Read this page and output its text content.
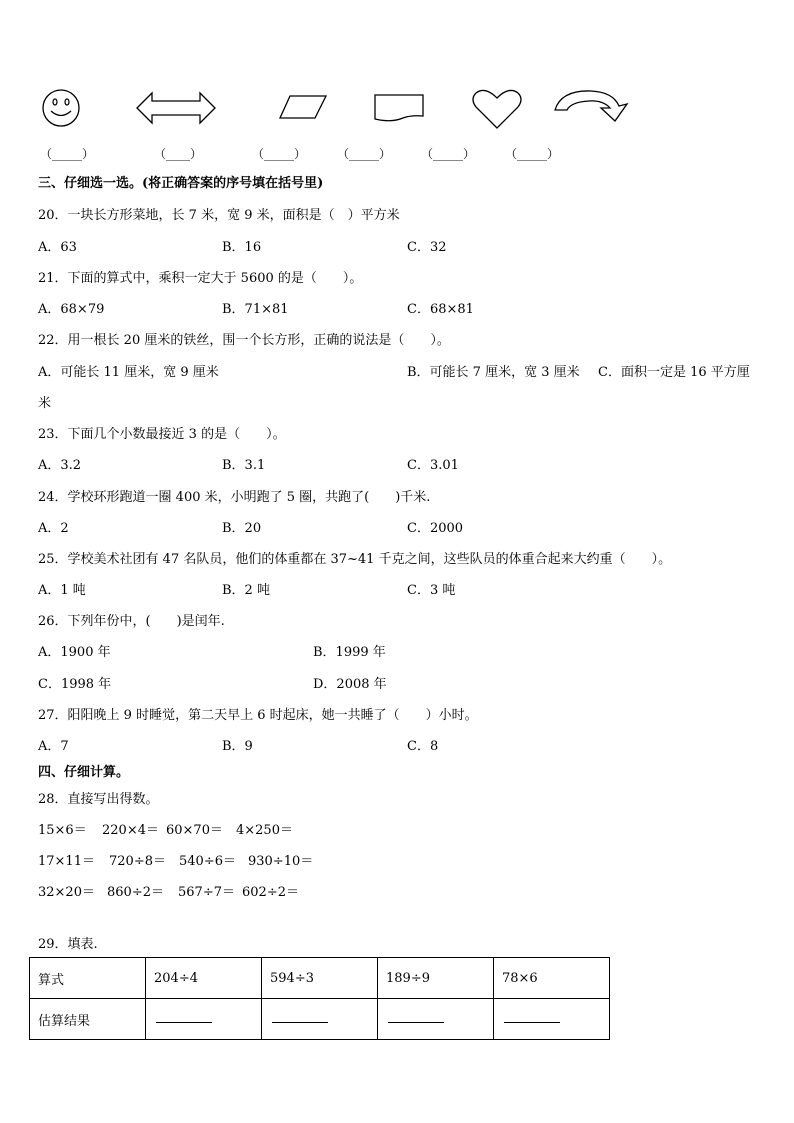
（_____）	（____）	（_____）	（_____） （_____） （_____）
三、仔细选一选。(将正确答案的序号填在括号里)
20．一块长方形菜地，长 7 米，宽 9 米，面积是（　）平方米
A．63	B．16	C．32
21．下面的算式中，乘积一定大于 5600 的是（　　）。
A．68×79	B．71×81	C．68×81
22．用一根长 20 厘米的铁丝，围一个长方形，正确的说法是（　　）。
A．可能长 11 厘米，宽 9 厘米	B．可能长 7 厘米，宽 3 厘米 C．面积一定是 16 平方厘
米
23．下面几个小数最接近 3 的是（　　）。
A．3.2	B．3.1	C．3.01
24．学校环形跑道一圈 400 米，小明跑了 5 圈，共跑了(　　)千米.
A．2	B．20	C．2000
25．学校美术社团有 47 名队员，他们的体重都在 37~41 千克之间，这些队员的体重合起来大约重（　　）。
A．1 吨	B．2 吨	C．3 吨
26．下列年份中，(　　)是闰年.
A．1900 年	B．1999 年
C．1998 年	D．2008 年
27．阳阳晚上 9 时睡觉，第二天早上 6 时起床，她一共睡了（　　）小时。
A．7	B．9	C．8
四、仔细计算。
28．直接写出得数。
15×6＝ 220×4＝ 60×70＝ 4×250＝
17×11＝ 720÷8＝ 540÷6＝ 930÷10＝
32×20＝ 860÷2＝ 567÷7＝ 602÷2＝
29．填表.
算式	204÷4	594÷3	189÷9	78×6
估算结果				
